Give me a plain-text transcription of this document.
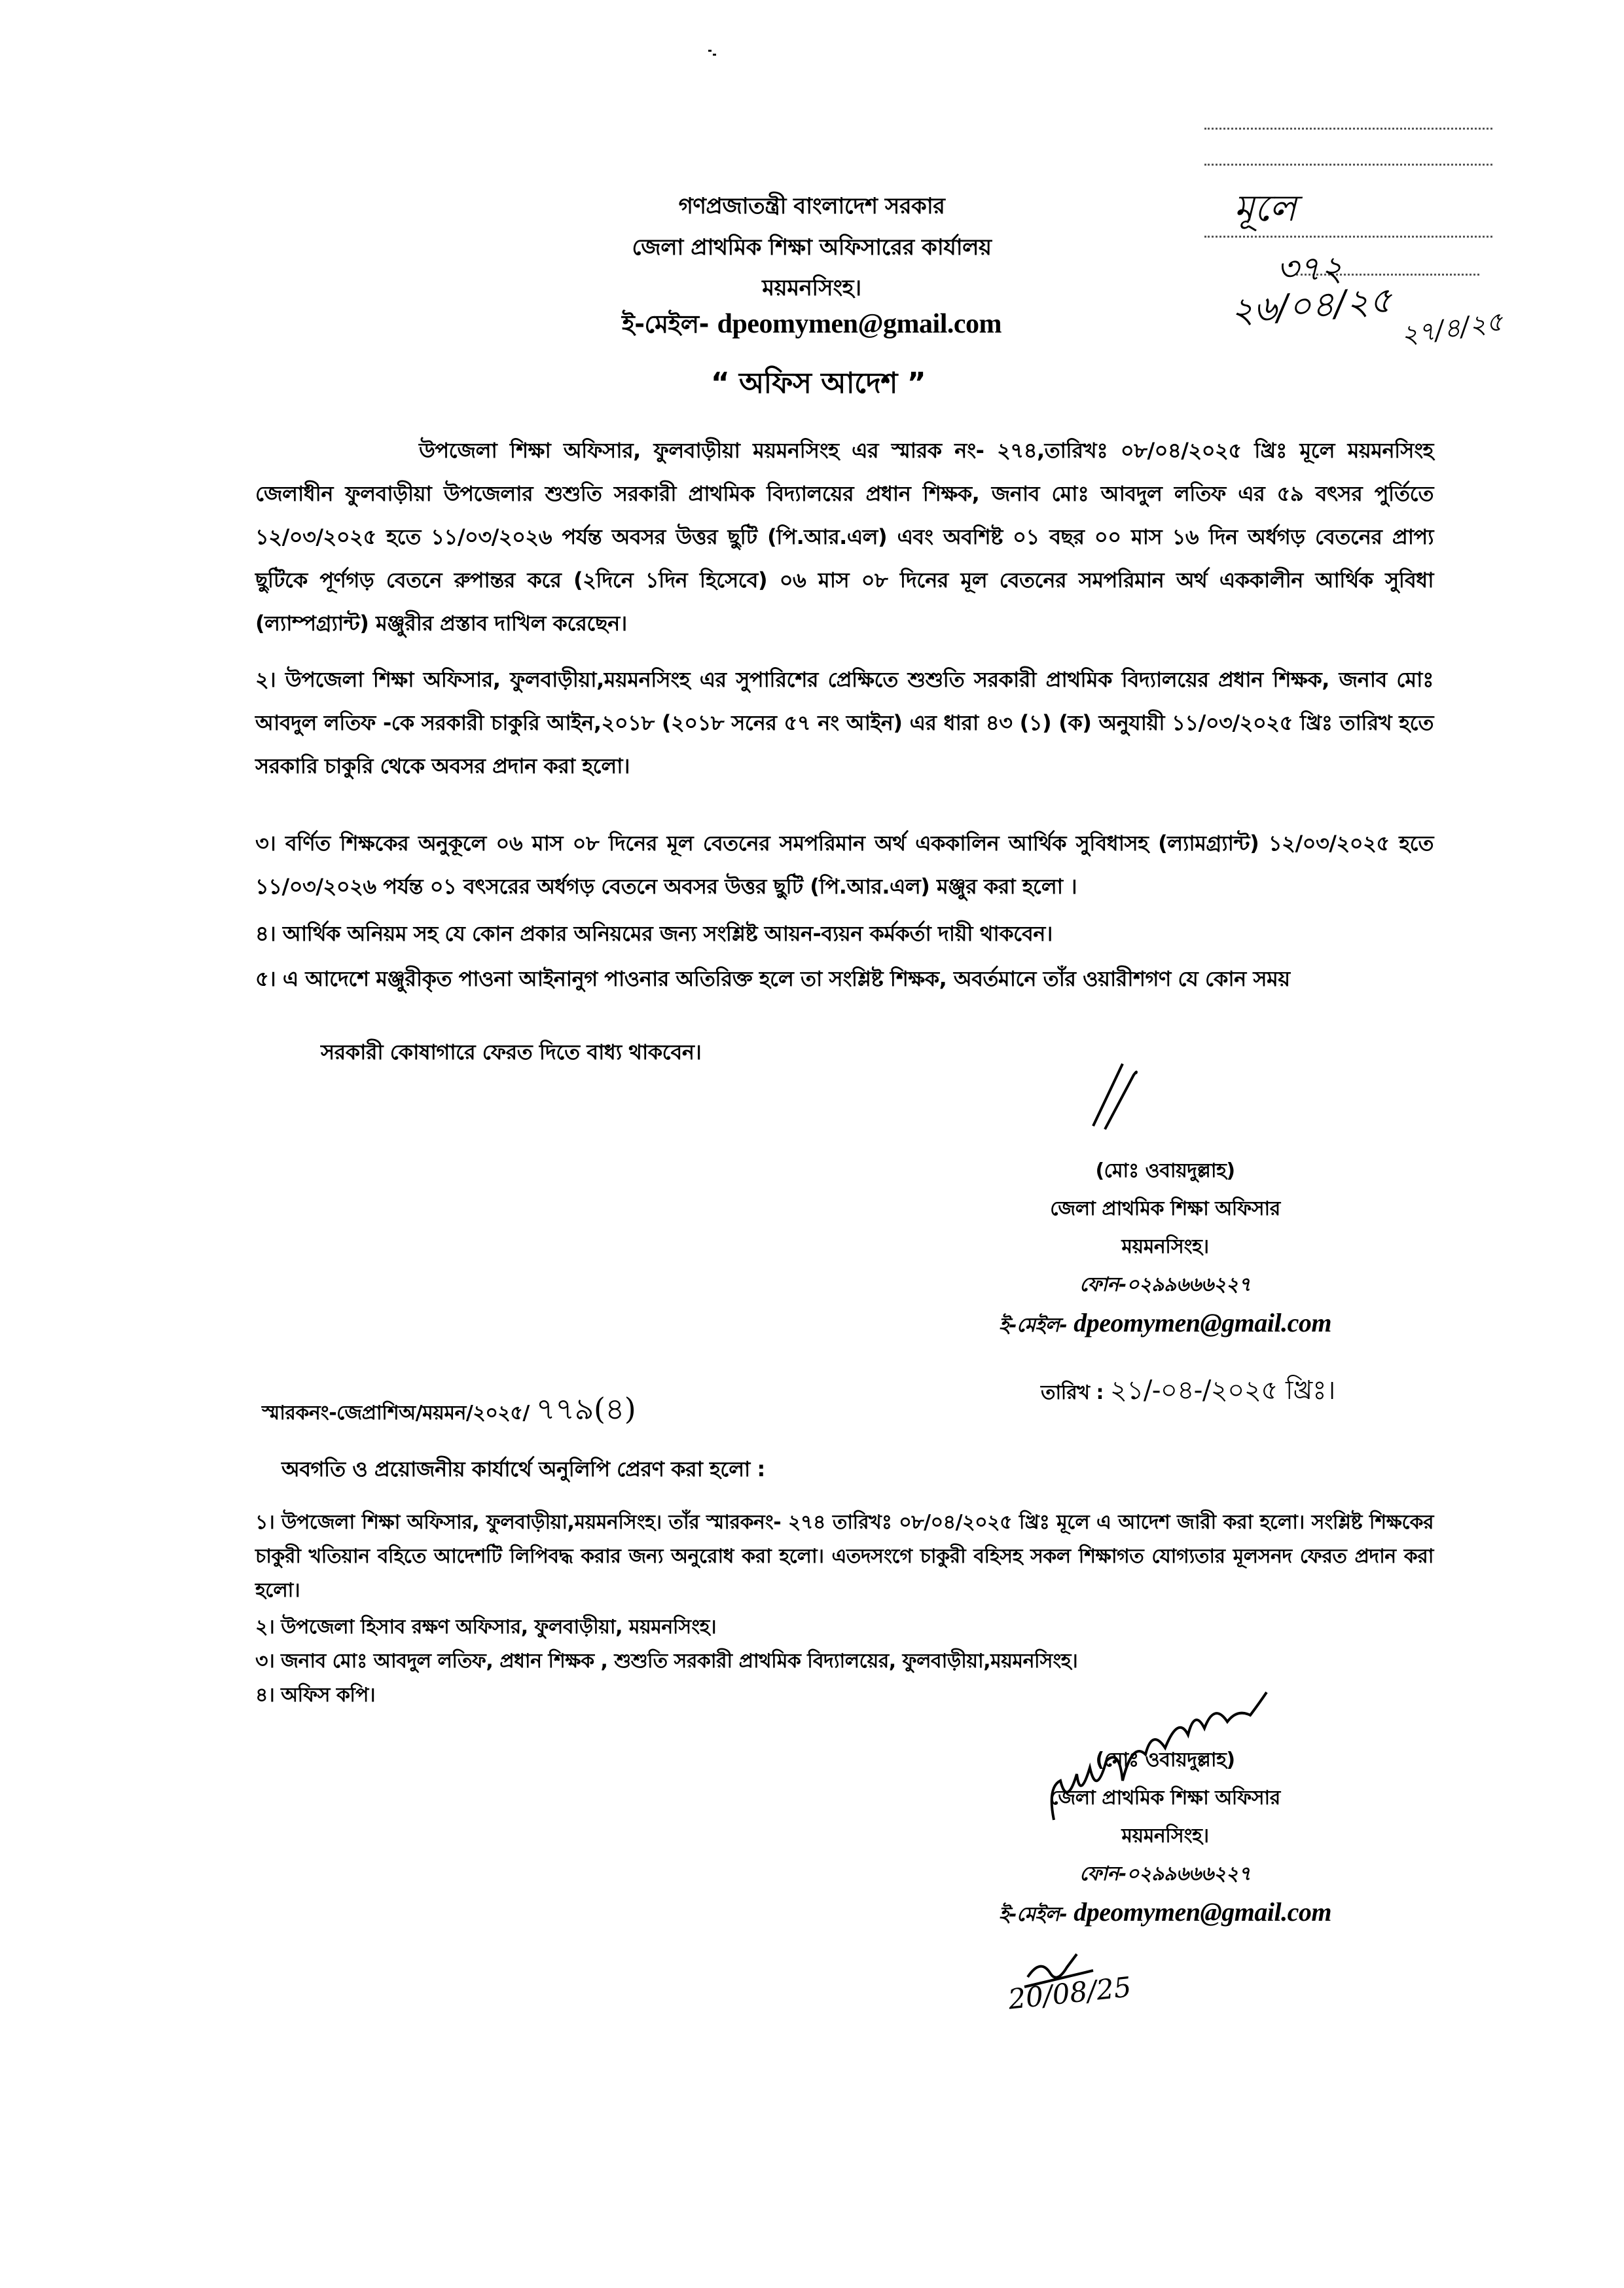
মূলে
৩৭২
২৬/০৪/২৫ ২৭/৪/২৫
গণপ্রজাতন্ত্রী বাংলাদেশ সরকার
জেলা প্রাথমিক শিক্ষা অফিসারের কার্যালয়
ময়মনসিংহ।
ই-মেইল- dpeomymen@gmail.com
“ অফিস আদেশ ”
উপজেলা শিক্ষা অফিসার, ফুলবাড়ীয়া ময়মনসিংহ এর স্মারক নং- ২৭৪,তারিখঃ ০৮/০৪/২০২৫ খ্রিঃ মূলে ময়মনসিংহ জেলাধীন ফুলবাড়ীয়া উপজেলার শুশুতি সরকারী প্রাথমিক বিদ্যালয়ের প্রধান শিক্ষক, জনাব মোঃ আবদুল লতিফ এর ৫৯ বৎসর পুর্তিতে ১২/০৩/২০২৫ হতে ১১/০৩/২০২৬ পর্যন্ত অবসর উত্তর ছুটি (পি.আর.এল) এবং অবশিষ্ট ০১ বছর ০০ মাস ১৬ দিন অর্ধগড় বেতনের প্রাপ্য ছুটিকে পূর্ণগড় বেতনে রুপান্তর করে (২দিনে ১দিন হিসেবে) ০৬ মাস ০৮ দিনের মূল বেতনের সমপরিমান অর্থ এককালীন আর্থিক সুবিধা (ল্যাম্পগ্র্যান্ট) মঞ্জুরীর প্রস্তাব দাখিল করেছেন।
২। উপজেলা শিক্ষা অফিসার, ফুলবাড়ীয়া,ময়মনসিংহ এর সুপারিশের প্রেক্ষিতে শুশুতি সরকারী প্রাথমিক বিদ্যালয়ের প্রধান শিক্ষক, জনাব মোঃ আবদুল লতিফ -কে সরকারী চাকুরি আইন,২০১৮ (২০১৮ সনের ৫৭ নং আইন) এর ধারা ৪৩ (১) (ক) অনুযায়ী ১১/০৩/২০২৫ খ্রিঃ তারিখ হতে সরকারি চাকুরি থেকে অবসর প্রদান করা হলো।
৩। বর্ণিত শিক্ষকের অনুকূলে ০৬ মাস ০৮ দিনের মূল বেতনের সমপরিমান অর্থ এককালিন আর্থিক সুবিধাসহ (ল্যামগ্র্যান্ট) ১২/০৩/২০২৫ হতে ১১/০৩/২০২৬ পর্যন্ত ০১ বৎসরের অর্ধগড় বেতনে অবসর উত্তর ছুটি (পি.আর.এল) মঞ্জুর করা হলো ।
৪। আর্থিক অনিয়ম সহ যে কোন প্রকার অনিয়মের জন্য সংশ্লিষ্ট আয়ন-ব্যয়ন কর্মকর্তা দায়ী থাকবেন।
৫। এ আদেশে মঞ্জুরীকৃত পাওনা আইনানুগ পাওনার অতিরিক্ত হলে তা সংশ্লিষ্ট শিক্ষক, অবর্তমানে তাঁর ওয়ারীশগণ যে কোন সময়
সরকারী কোষাগারে ফেরত দিতে বাধ্য থাকবেন।
(মোঃ ওবায়দুল্লাহ)
জেলা প্রাথমিক শিক্ষা অফিসার
ময়মনসিংহ।
ফোন-০২৯৯৬৬৬২২৭
ই-মেইল- dpeomymen@gmail.com
স্মারকনং-জেপ্রাশিঅ/ময়মন/২০২৫/ ৭৭৯(৪)	তারিখ : ২১/-০৪-/২০২৫ খ্রিঃ।
অবগতি ও প্রয়োজনীয় কার্যার্থে অনুলিপি প্রেরণ করা হলো :
১। উপজেলা শিক্ষা অফিসার, ফুলবাড়ীয়া,ময়মনসিংহ। তাঁর স্মারকনং- ২৭৪ তারিখঃ ০৮/০৪/২০২৫ খ্রিঃ মূলে এ আদেশ জারী করা হলো। সংশ্লিষ্ট শিক্ষকের চাকুরী খতিয়ান বহিতে আদেশটি লিপিবদ্ধ করার জন্য অনুরোধ করা হলো। এতদসংগে চাকুরী বহিসহ সকল শিক্ষাগত যোগ্যতার মূলসনদ ফেরত প্রদান করা হলো।
২। উপজেলা হিসাব রক্ষণ অফিসার, ফুলবাড়ীয়া, ময়মনসিংহ।
৩। জনাব মোঃ আবদুল লতিফ, প্রধান শিক্ষক , শুশুতি সরকারী প্রাথমিক বিদ্যালয়ের, ফুলবাড়ীয়া,ময়মনসিংহ।
৪। অফিস কপি।
(মোঃ ওবায়দুল্লাহ)
জেলা প্রাথমিক শিক্ষা অফিসার
ময়মনসিংহ।
ফোন-০২৯৯৬৬৬২২৭
ই-মেইল- dpeomymen@gmail.com
20/08/25
